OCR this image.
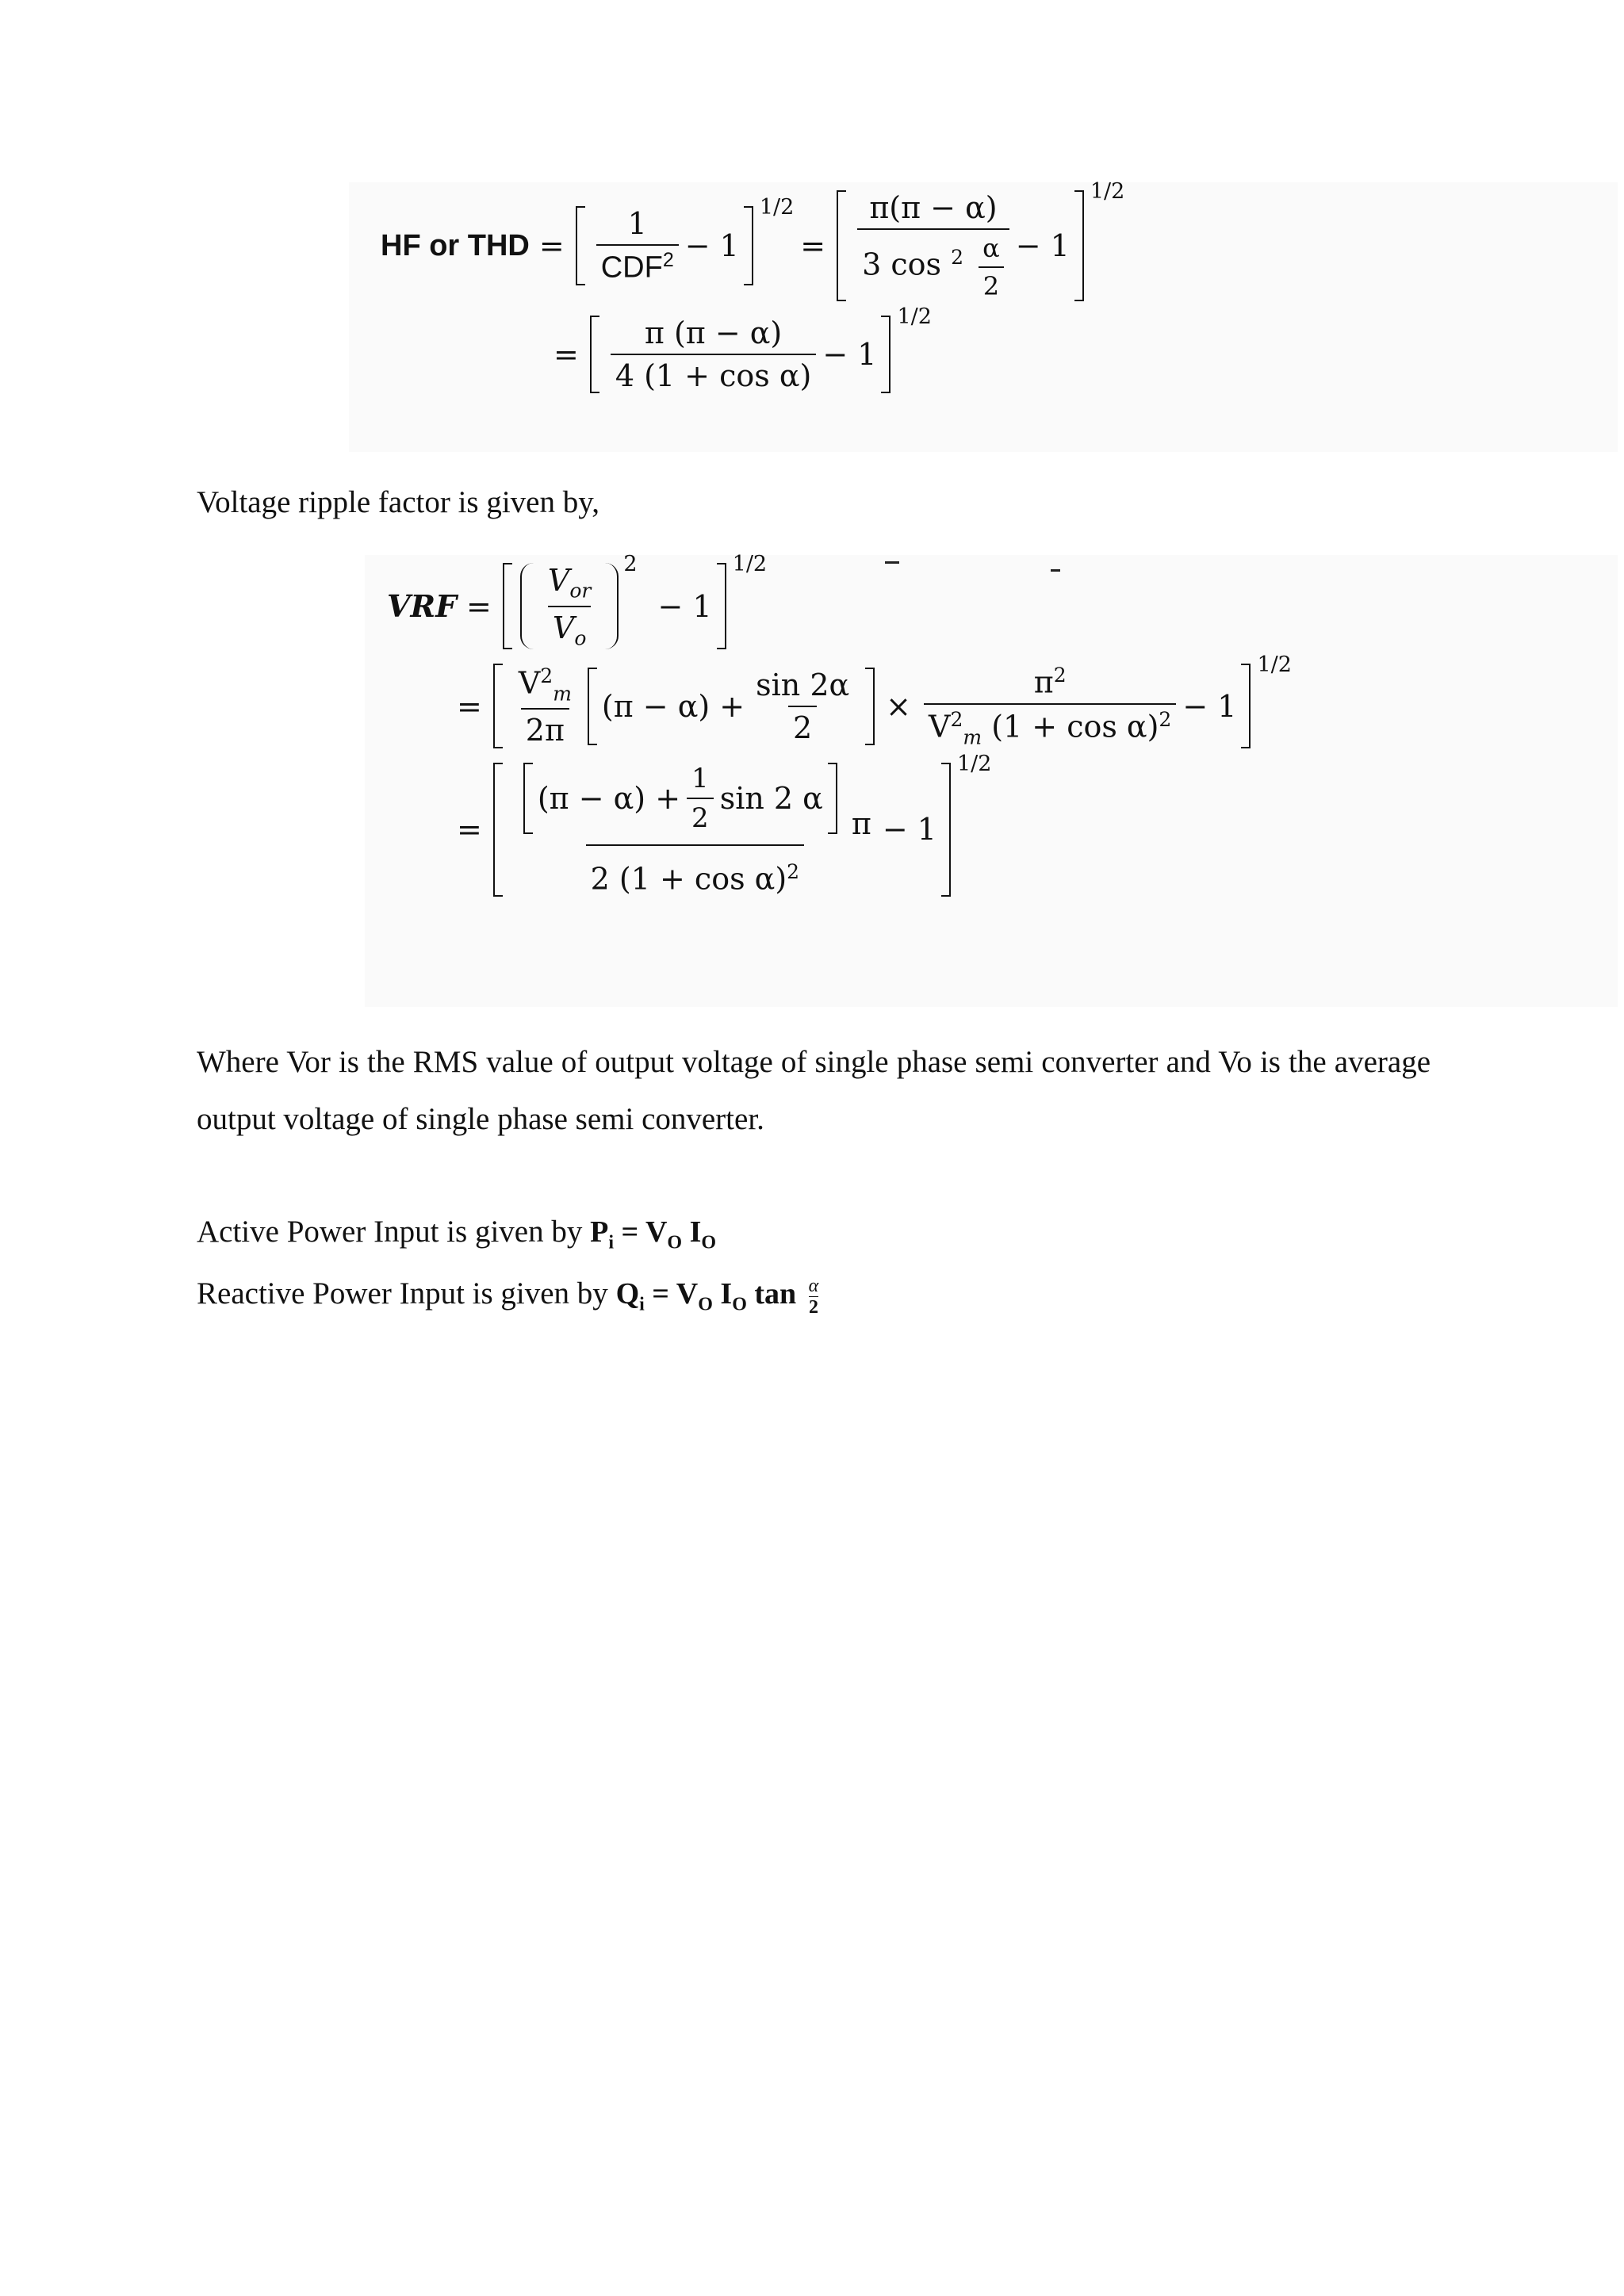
HF or THD = $\frac{1}{CDF^2} - 1$
1/2
=
π(π − α)
3 $\cos ^2 \frac{\alpha}{2} - 1$
1/2
= $\frac{\pi (\pi - \alpha)}{\text{4 (1 + cos α)}} - 1$
1/2
Voltage ripple factor is given by,
VRF = $\frac{V_{or}}{V_o} 2$
− 1
1/2
= $\frac{V^2_m}{2\pi} (\pi - \alpha) + \frac{\sin 2\alpha}{2} \times \frac{\pi^2}{V^2_m (1 + \cos \alpha)^2} - 1$
1/2
=
$(\pi - \alpha) + \frac{1}{2}$ sin 2 α
π
2 $(1 + \cos \alpha)^2$
− 1
1/2
Where Vor is the RMS value of output voltage of single phase semi converter and Vo is the average output voltage of single phase semi converter.
Active Power Input is given by $P_i = V_O$ $I_O$
Reactive Power Input is given by $Q_i = V_O$ $I_O$ $\tan \frac{\alpha}{2}$
